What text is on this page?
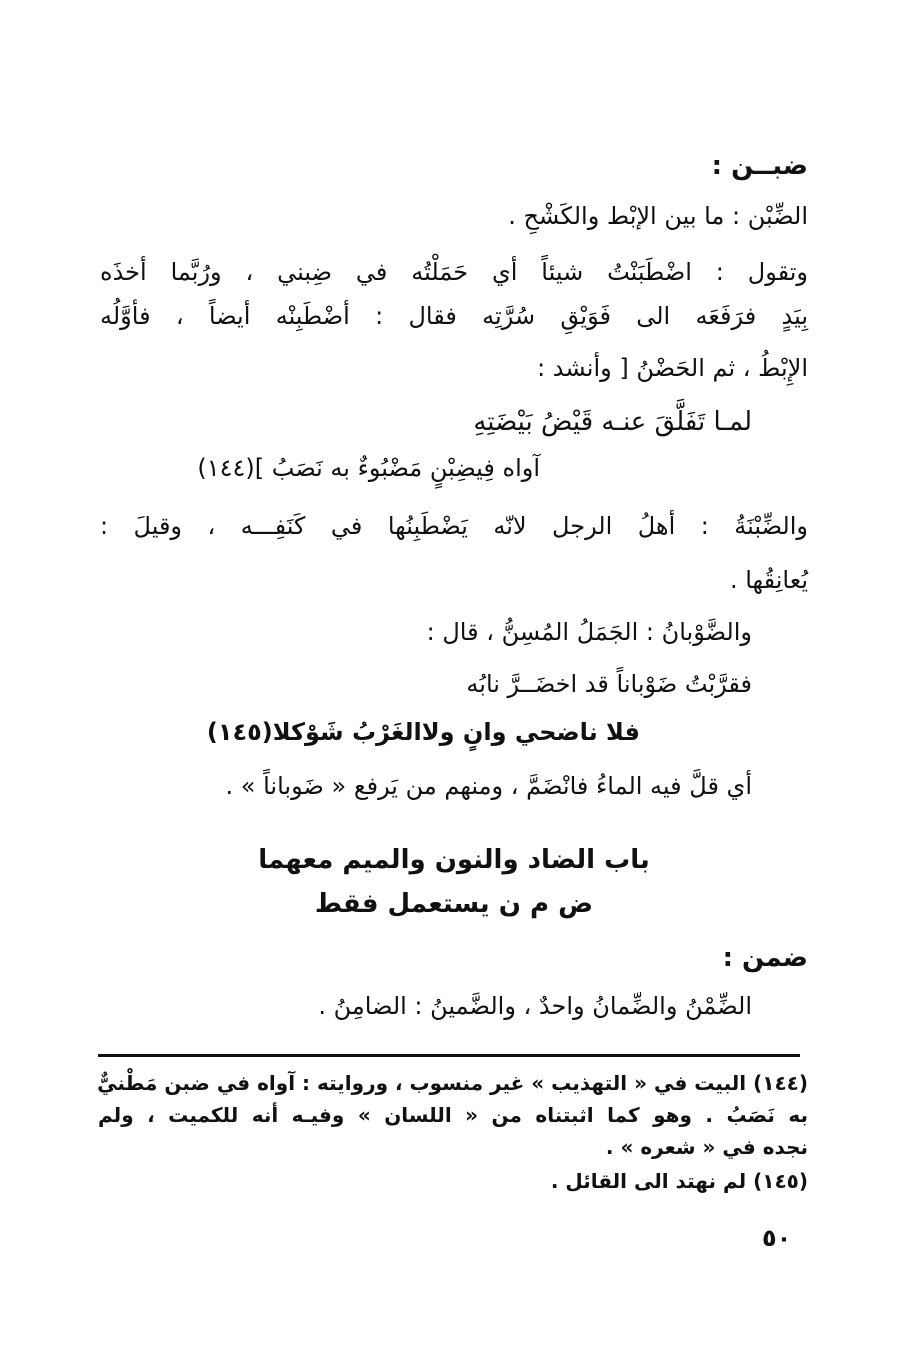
ضبــن :
الضِّبْن : ما بين الإبْط والكَشْحِ .
وتقول : اضْطَبَنْتُ شيئاً أي حَمَلْتُه في ضِبني ، ورُبَّما أخذَه
بِيَدٍ فرَفَعَه الى فَوَيْقِ سُرَّتِه فقال : أضْطَبِنْه أيضاً ، فأوَّلُه
الإِبْطُ ، ثم الحَضْنُ [ وأنشد :
لمـا تَفَلَّقَ عنـه قَيْضُ بَيْضَتِهِ
آواه فِيضِبْنٍ مَضْبُوءٌ به نَصَبُ ](١٤٤)
والضِّبْنَةُ : أهلُ الرجل لانّه يَضْطَبِنُها في كَنَفِـــه ، وقيلَ :
يُعانِقُها .
والضَّوْبانُ : الجَمَلُ المُسِنُّ ، قال :
فقرَّبْتُ ضَوْباناً قد اخضَــرَّ نابُه
فلا ناضحي وانٍ ولاالغَرْبُ شَوْكلا(١٤٥)
أي قلَّ فيه الماءُ فانْضَمَّ ، ومنهم من يَرفع « ضَوباناً » .
باب الضاد والنون والميم معهما
ض م ن يستعمل فقط
ضمن :
الضِّمْنُ والضِّمانُ واحدٌ ، والضَّمينُ : الضامِنُ .
(١٤٤) البيت في « التهذيب » غير منسوب ، وروايته : آواه في ضبن مَطْنيٌّ
به نَصَبُ . وهو كما اثبتناه من « اللسان » وفيـه أنه للكميت ، ولم
نجده في « شعره » .
(١٤٥) لم نهتد الى القائل .
٥٠
